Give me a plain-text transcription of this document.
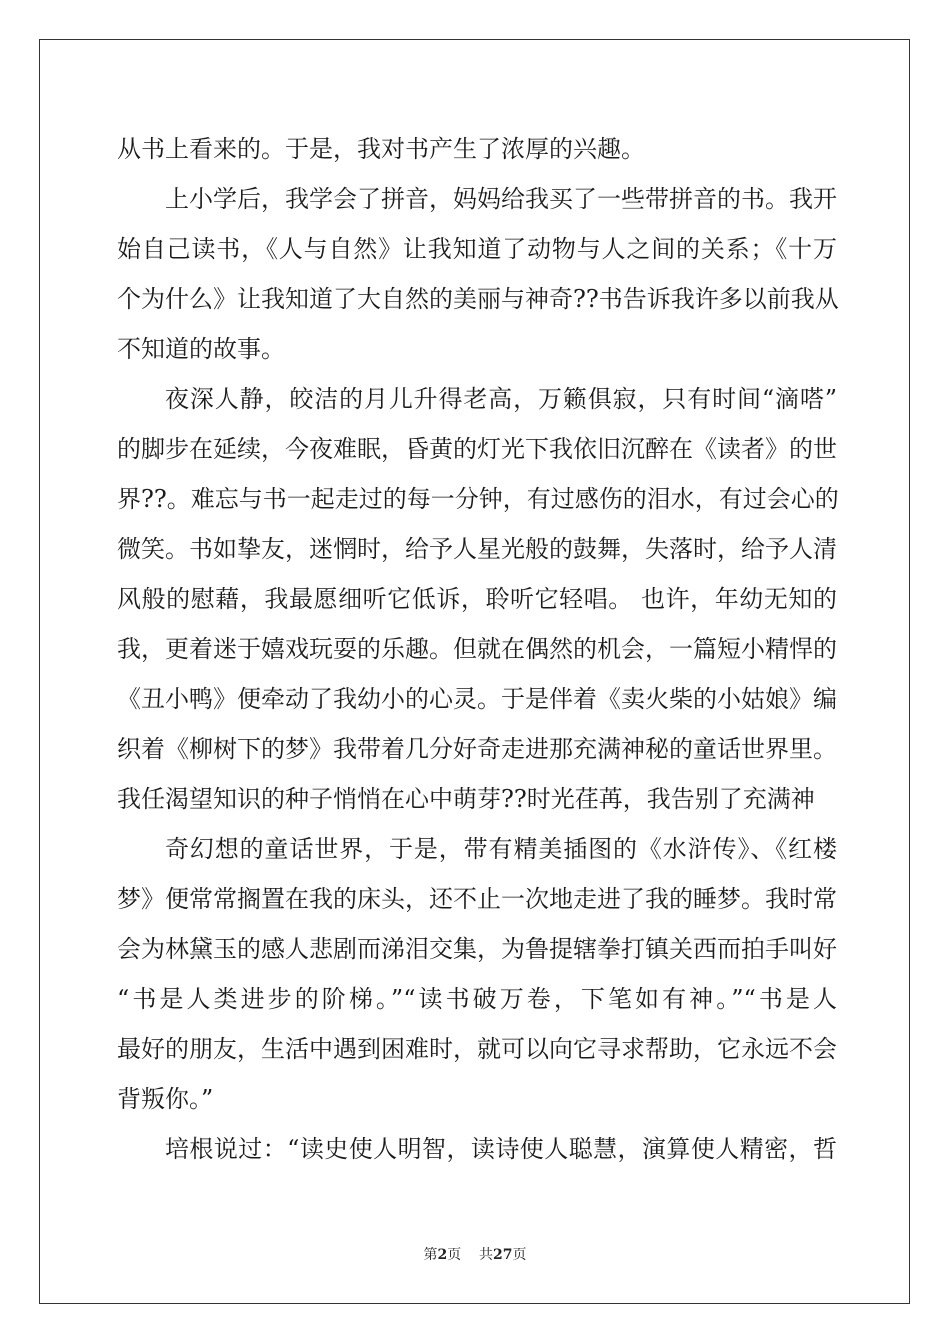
从书上看来的。于是，我对书产生了浓厚的兴趣。
上小学后，我学会了拼音，妈妈给我买了一些带拼音的书。我开
始自己读书，《人与自然》让我知道了动物与人之间的关系；《十万
个为什么》让我知道了大自然的美丽与神奇??书告诉我许多以前我从
不知道的故事。
夜深人静，皎洁的月儿升得老高，万籁俱寂，只有时间“滴嗒”
的脚步在延续，今夜难眠，昏黄的灯光下我依旧沉醉在《读者》的世
界??。难忘与书一起走过的每一分钟，有过感伤的泪水，有过会心的
微笑。书如挚友，迷惘时，给予人星光般的鼓舞，失落时，给予人清
风般的慰藉，我最愿细听它低诉，聆听它轻唱。 也许，年幼无知的
我，更着迷于嬉戏玩耍的乐趣。但就在偶然的机会，一篇短小精悍的
《丑小鸭》便牵动了我幼小的心灵。于是伴着《卖火柴的小姑娘》编
织着《柳树下的梦》我带着几分好奇走进那充满神秘的童话世界里。
我任渴望知识的种子悄悄在心中萌芽??时光荏苒，我告别了充满神
奇幻想的童话世界，于是，带有精美插图的《水浒传》、《红楼
梦》便常常搁置在我的床头，还不止一次地走进了我的睡梦。我时常
会为林黛玉的感人悲剧而涕泪交集，为鲁提辖拳打镇关西而拍手叫好
“书是人类进步的阶梯。”“读书破万卷，下笔如有神。”“书是人
最好的朋友，生活中遇到困难时，就可以向它寻求帮助，它永远不会
背叛你。”
培根说过：“读史使人明智，读诗使人聪慧，演算使人精密，哲
第2页 共27页
